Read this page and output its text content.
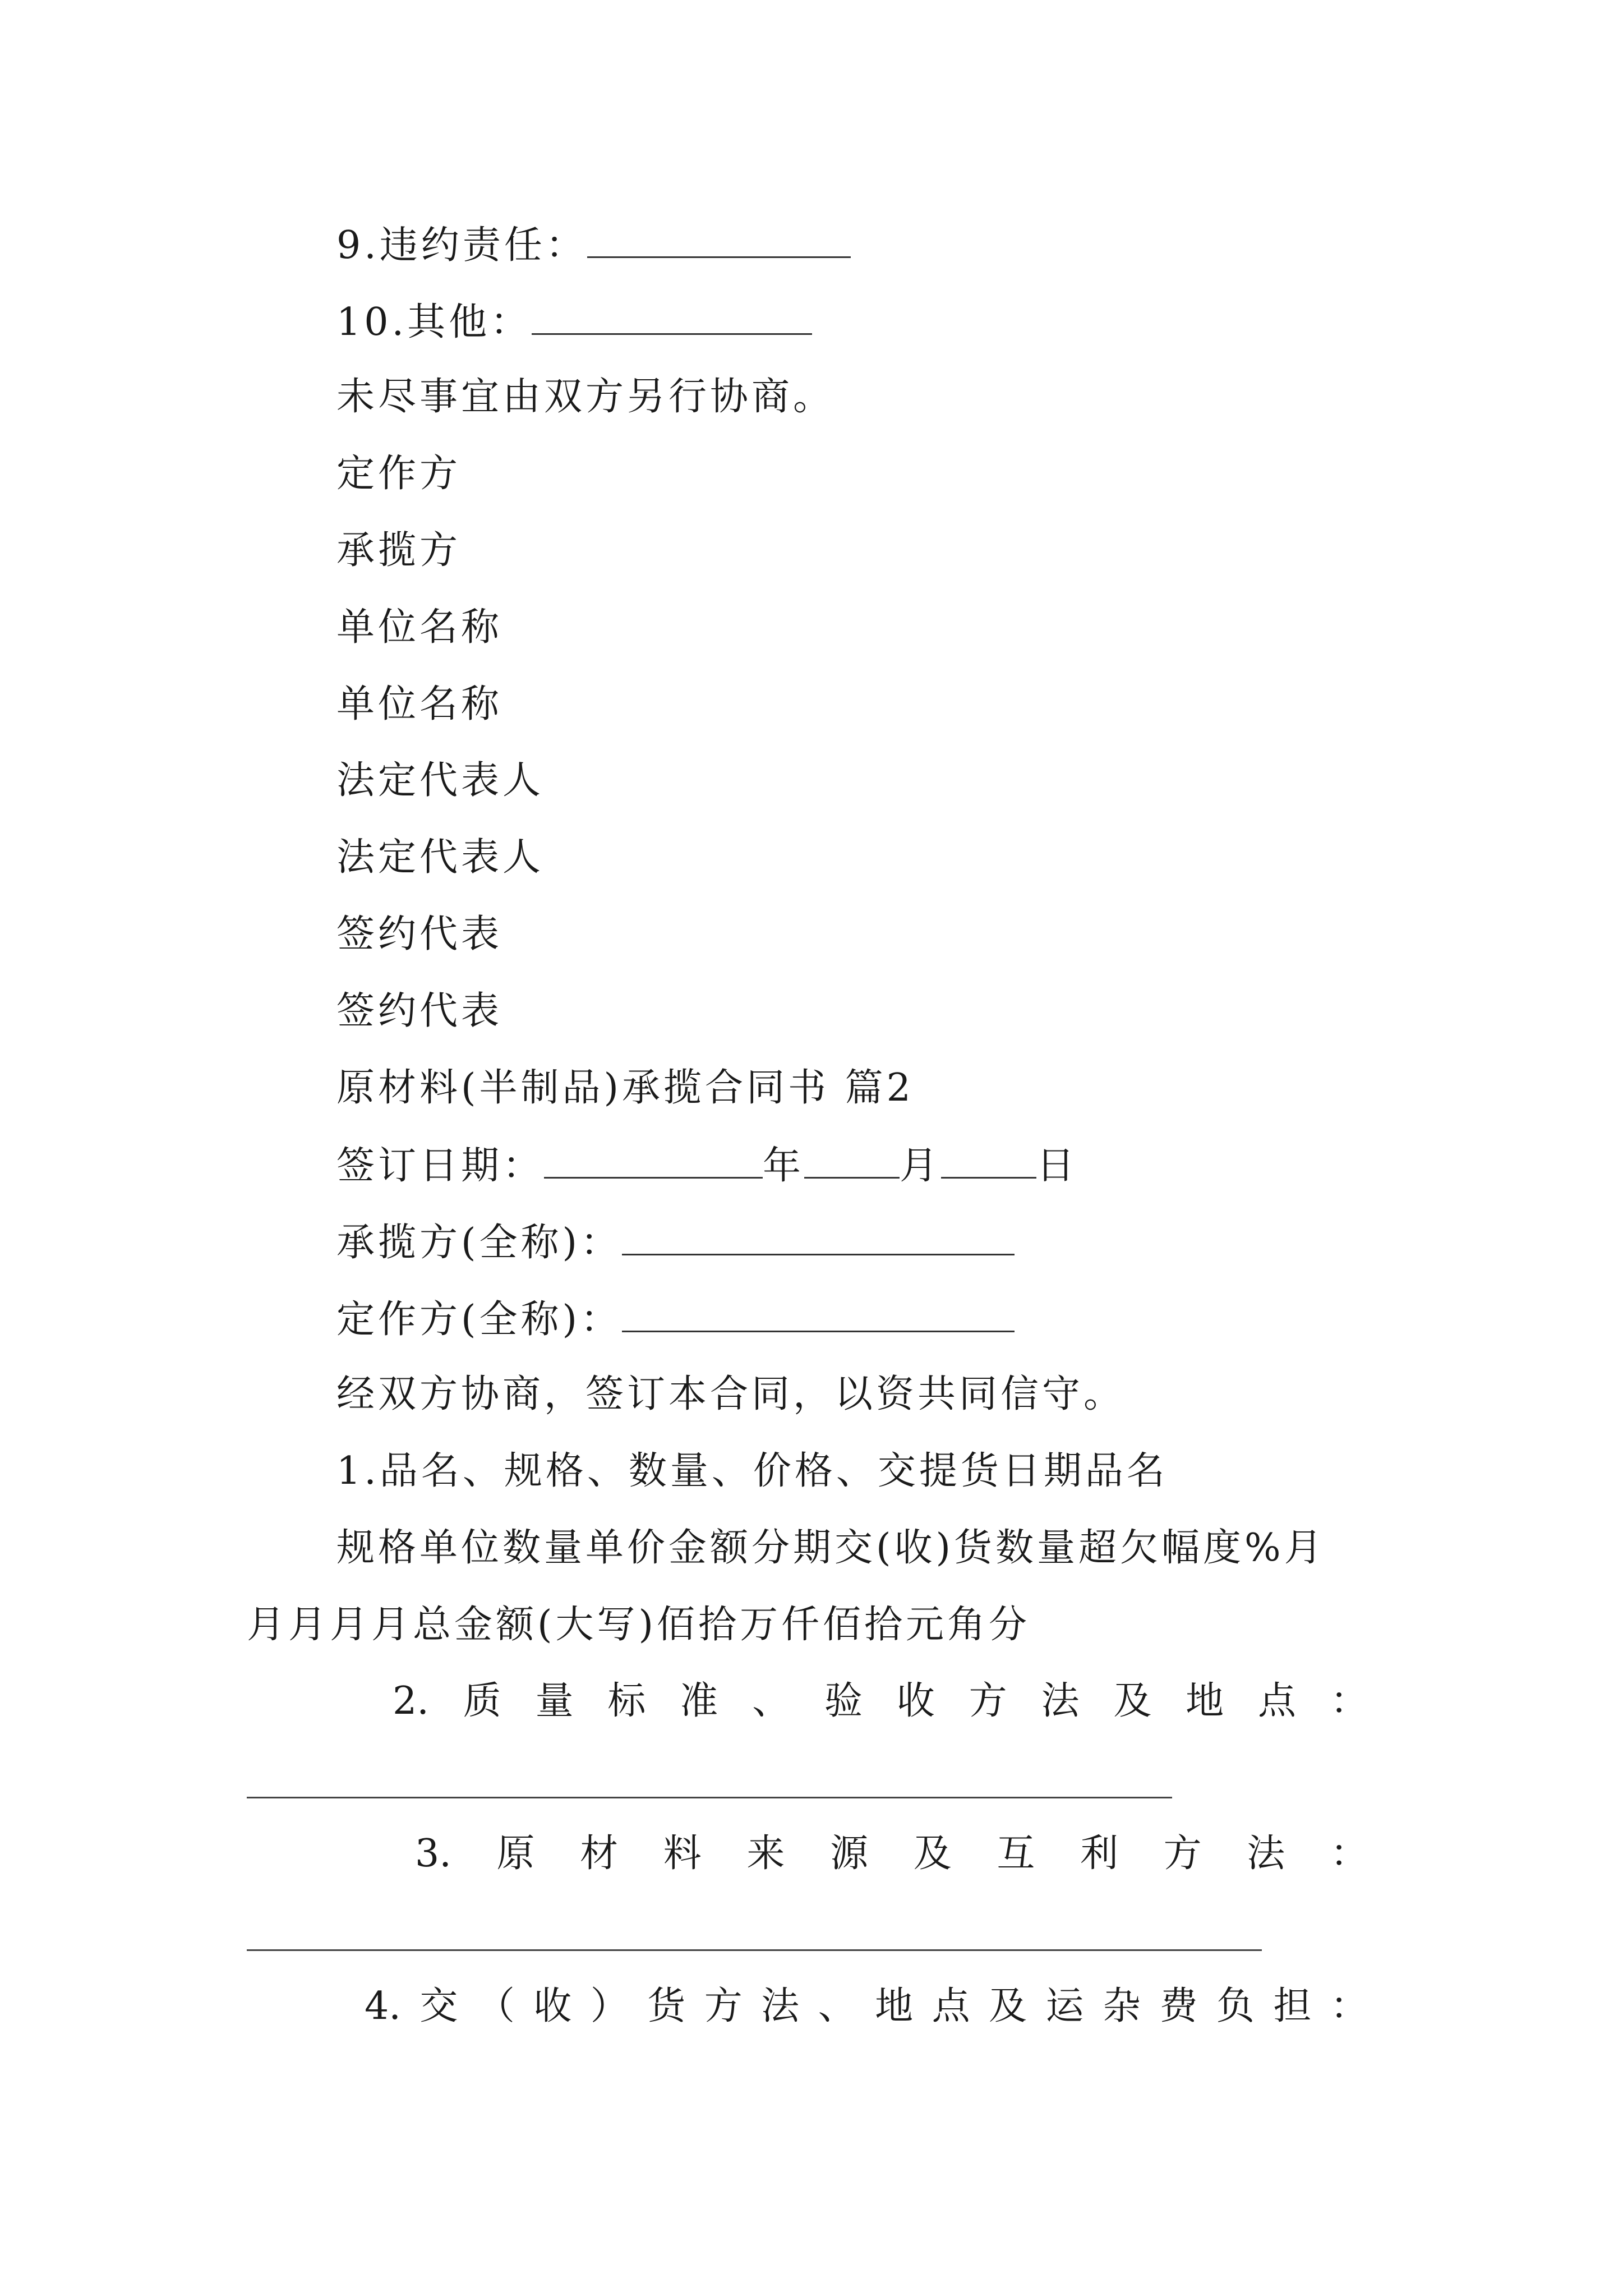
9.违约责任：
10.其他：
未尽事宜由双方另行协商。
定作方
承揽方
单位名称
单位名称
法定代表人
法定代表人
签约代表
签约代表
原材料(半制品)承揽合同书 篇2
签订日期：	年	月	日
承揽方(全称)：
定作方(全称)：
经双方协商，签订本合同，以资共同信守。
1.品名、规格、数量、价格、交提货日期品名
规格单位数量单价金额分期交(收)货数量超欠幅度%月
月月月月总金额(大写)佰拾万仟佰拾元角分
2. 质 量 标 准 、 验 收 方 法 及 地 点 ：
3. 原 材 料 来 源 及 互 利 方 法 ：
4. 交 （ 收 ） 货 方 法 、 地 点 及 运 杂 费 负 担 ：
